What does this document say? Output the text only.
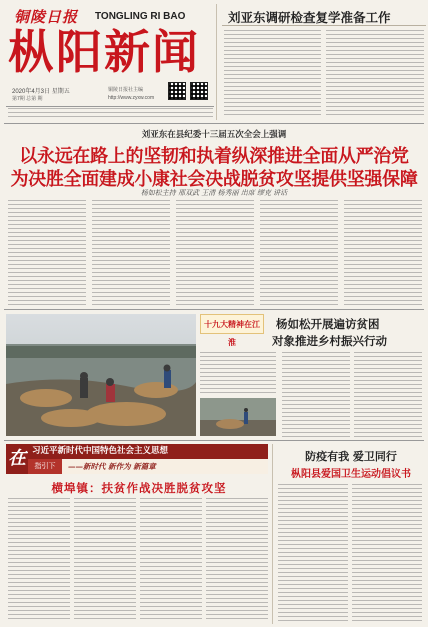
铜陵日报 TONGLING RI BAO
枞阳新闻
2020年4月3日 星期五
第7期 总第 期
铜陵日报社主编
http://www.zyxw.com
刘亚东调研检查复学准备工作
刘亚东在县纪委十三届五次全会上强调
以永远在路上的坚韧和执着纵深推进全面从严治党
为决胜全面建成小康社会决战脱贫攻坚提供坚强保障
杨如松主持 邢双武 王清 杨秀丽 出席 缪克 讲话
十九大精神在江淮
杨如松开展遍访贫困
对象推进乡村振兴行动
在 习近平新时代中国特色社会主义思想
指引下	——新时代 新作为 新篇章
横埠镇：扶贫作战决胜脱贫攻坚
防疫有我 爱卫同行
枞阳县爱国卫生运动倡议书
